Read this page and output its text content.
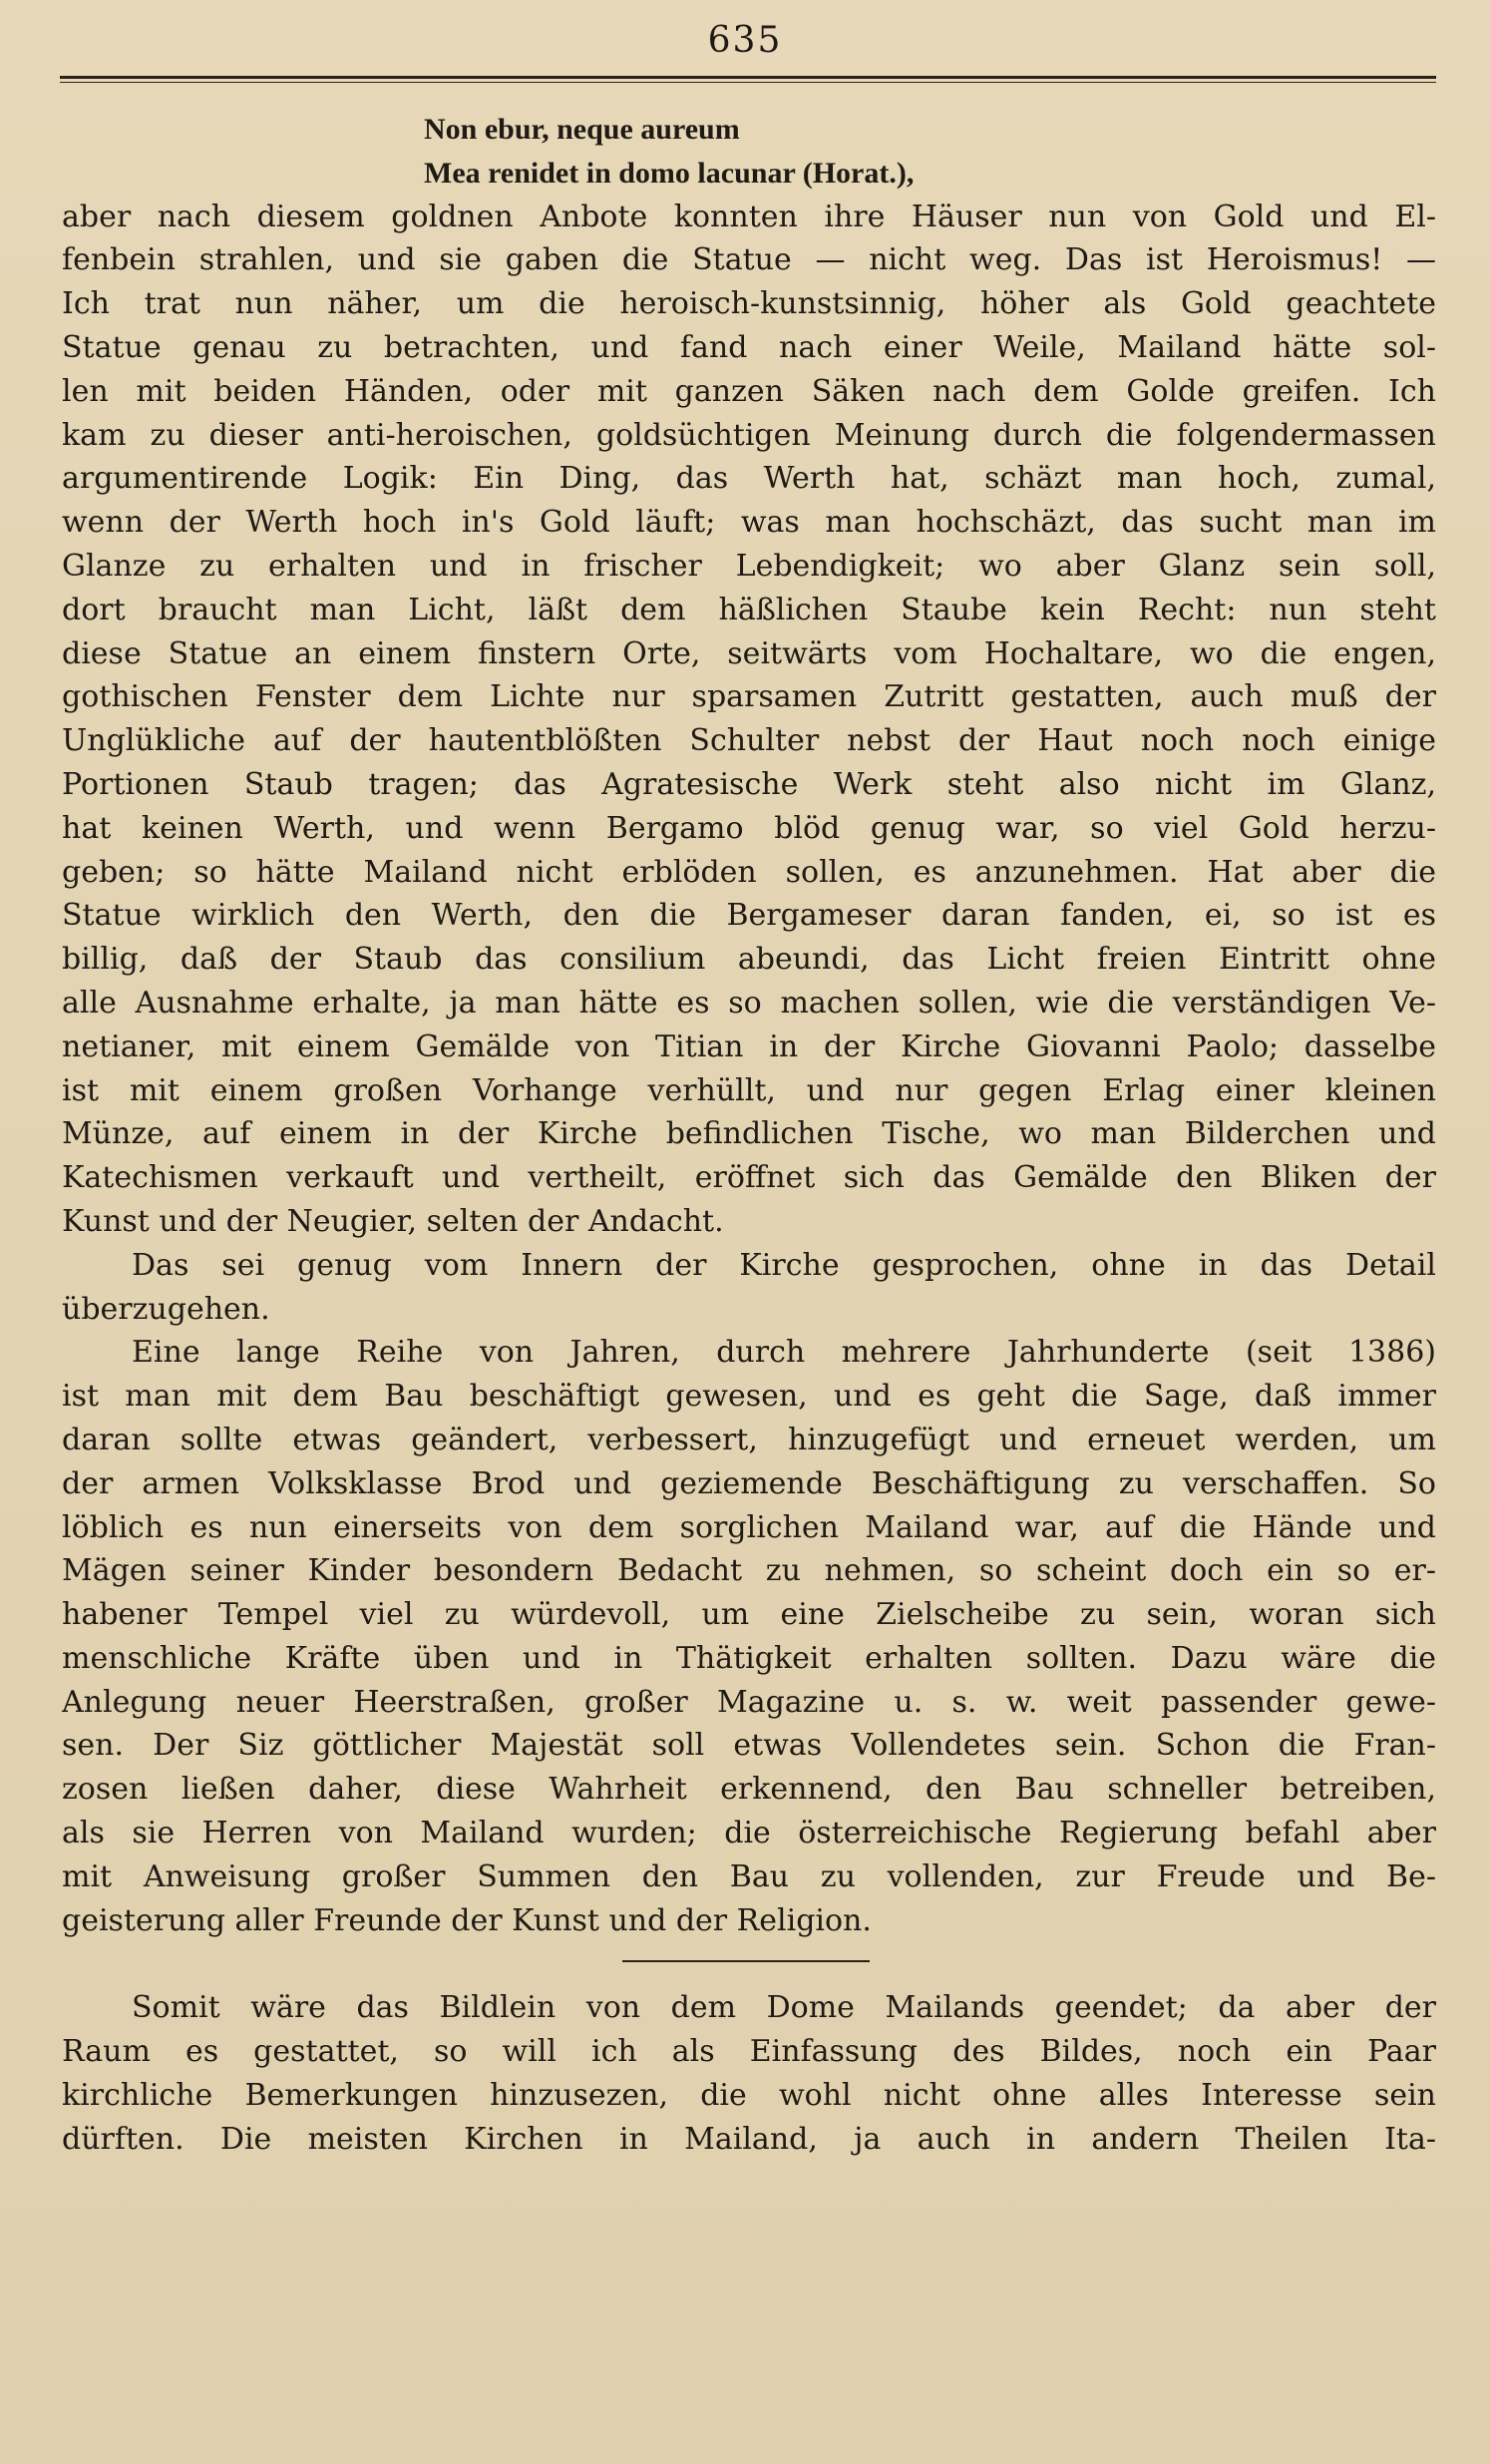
635
Non ebur, neque aureum
Mea renidet in domo lacunar (Horat.),
aber nach diesem goldnen Anbote konnten ihre Häuser nun von Gold und El-
fenbein strahlen, und sie gaben die Statue — nicht weg. Das ist Heroismus! —
Ich trat nun näher, um die heroisch-kunstsinnig, höher als Gold geachtete
Statue genau zu betrachten, und fand nach einer Weile, Mailand hätte sol-
len mit beiden Händen, oder mit ganzen Säken nach dem Golde greifen. Ich
kam zu dieser anti-heroischen, goldsüchtigen Meinung durch die folgendermassen
argumentirende Logik: Ein Ding, das Werth hat, schäzt man hoch, zumal,
wenn der Werth hoch in's Gold läuft; was man hochschäzt, das sucht man im
Glanze zu erhalten und in frischer Lebendigkeit; wo aber Glanz sein soll,
dort braucht man Licht, läßt dem häßlichen Staube kein Recht: nun steht
diese Statue an einem finstern Orte, seitwärts vom Hochaltare, wo die engen,
gothischen Fenster dem Lichte nur sparsamen Zutritt gestatten, auch muß der
Unglükliche auf der hautentblößten Schulter nebst der Haut noch noch einige
Portionen Staub tragen; das Agratesische Werk steht also nicht im Glanz,
hat keinen Werth, und wenn Bergamo blöd genug war, so viel Gold herzu-
geben; so hätte Mailand nicht erblöden sollen, es anzunehmen. Hat aber die
Statue wirklich den Werth, den die Bergameser daran fanden, ei, so ist es
billig, daß der Staub das consilium abeundi, das Licht freien Eintritt ohne
alle Ausnahme erhalte, ja man hätte es so machen sollen, wie die verständigen Ve-
netianer, mit einem Gemälde von Titian in der Kirche Giovanni Paolo; dasselbe
ist mit einem großen Vorhange verhüllt, und nur gegen Erlag einer kleinen
Münze, auf einem in der Kirche befindlichen Tische, wo man Bilderchen und
Katechismen verkauft und vertheilt, eröffnet sich das Gemälde den Bliken der
Kunst und der Neugier, selten der Andacht.
Das sei genug vom Innern der Kirche gesprochen, ohne in das Detail
überzugehen.
Eine lange Reihe von Jahren, durch mehrere Jahrhunderte (seit 1386)
ist man mit dem Bau beschäftigt gewesen, und es geht die Sage, daß immer
daran sollte etwas geändert, verbessert, hinzugefügt und erneuet werden, um
der armen Volksklasse Brod und geziemende Beschäftigung zu verschaffen. So
löblich es nun einerseits von dem sorglichen Mailand war, auf die Hände und
Mägen seiner Kinder besondern Bedacht zu nehmen, so scheint doch ein so er-
habener Tempel viel zu würdevoll, um eine Zielscheibe zu sein, woran sich
menschliche Kräfte üben und in Thätigkeit erhalten sollten. Dazu wäre die
Anlegung neuer Heerstraßen, großer Magazine u. s. w. weit passender gewe-
sen. Der Siz göttlicher Majestät soll etwas Vollendetes sein. Schon die Fran-
zosen ließen daher, diese Wahrheit erkennend, den Bau schneller betreiben,
als sie Herren von Mailand wurden; die österreichische Regierung befahl aber
mit Anweisung großer Summen den Bau zu vollenden, zur Freude und Be-
geisterung aller Freunde der Kunst und der Religion.
Somit wäre das Bildlein von dem Dome Mailands geendet; da aber der
Raum es gestattet, so will ich als Einfassung des Bildes, noch ein Paar
kirchliche Bemerkungen hinzusezen, die wohl nicht ohne alles Interesse sein
dürften. Die meisten Kirchen in Mailand, ja auch in andern Theilen Ita-
